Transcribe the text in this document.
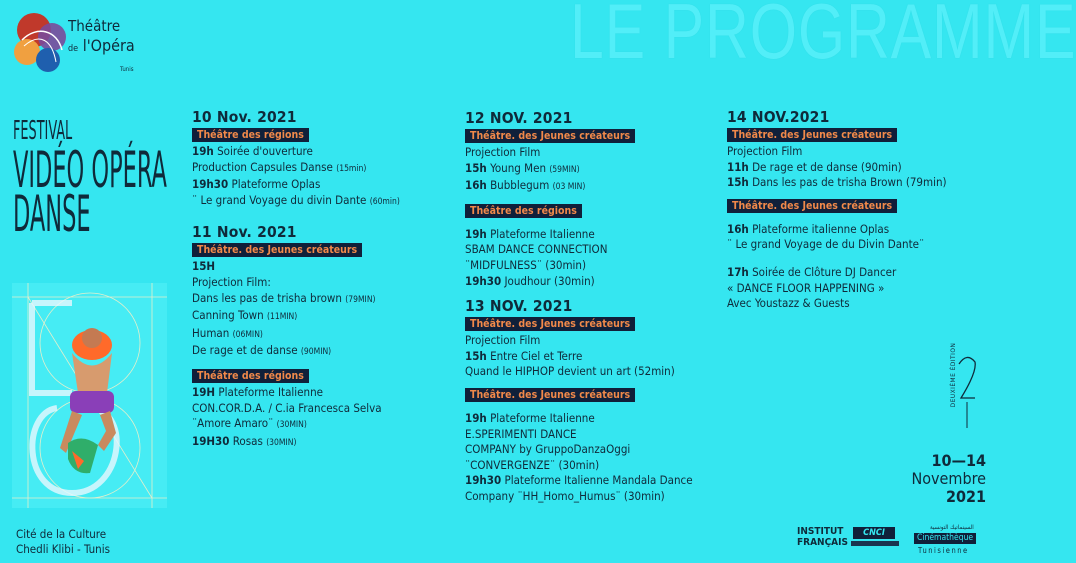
LE PROGRAMME
Théâtre
de l'Opéra
Tunis
FESTIVAL
VIDÉO OPÉRA
DANSE
Cité de la Culture
Chedli Klibi - Tunis
10 Nov. 2021
Théâtre des régions
19h Soirée d'ouverture
Production Capsules Danse (15min)
19h30 Plateforme Oplas
¨ Le grand Voyage du divin Dante (60min)
11 Nov. 2021
Théâtre. des Jeunes créateurs
15H
Projection Film:
Dans les pas de trisha brown (79MIN)
Canning Town (11MIN)
Human (06MIN)
De rage et de danse (90MIN)
Théâtre des régions
19H Plateforme Italienne
CON.COR.D.A. / C.ia Francesca Selva
¨Amore Amaro¨ (30MIN)
19H30 Rosas (30MIN)
12 NOV. 2021
Théâtre. des Jeunes créateurs
Projection Film
15h Young Men (59MIN)
16h Bubblegum (03 MIN)
Théâtre des régions
19h Plateforme Italienne
SBAM DANCE CONNECTION
¨MIDFULNESS¨ (30min)
19h30 Joudhour (30min)
13 NOV. 2021
Théâtre. des Jeunes créateurs
Projection Film
15h Entre Ciel et Terre
Quand le HIPHOP devient un art (52min)
Théâtre. des Jeunes créateurs
19h Plateforme Italienne
E.SPERIMENTI DANCE
COMPANY by GruppoDanzaOggi
¨CONVERGENZE¨ (30min)
19h30 Plateforme Italienne Mandala Dance
Company ¨HH_Homo_Humus¨ (30min)
14 NOV.2021
Théâtre. des Jeunes créateurs
Projection Film
11h De rage et de danse (90min)
15h Dans les pas de trisha Brown (79min)
Théâtre. des Jeunes créateurs
16h Plateforme italienne Oplas
¨ Le grand Voyage de du Divin Dante¨
17h Soirée de Clôture DJ Dancer
« DANCE FLOOR HAPPENING »
Avec Youstazz & Guests
DEUXIÈME ÉDITION
10—14
Novembre
2021
INSTITUT
FRANÇAIS
CNCI
السينماتيك التونسية
Cinémathèque
Tunisienne
